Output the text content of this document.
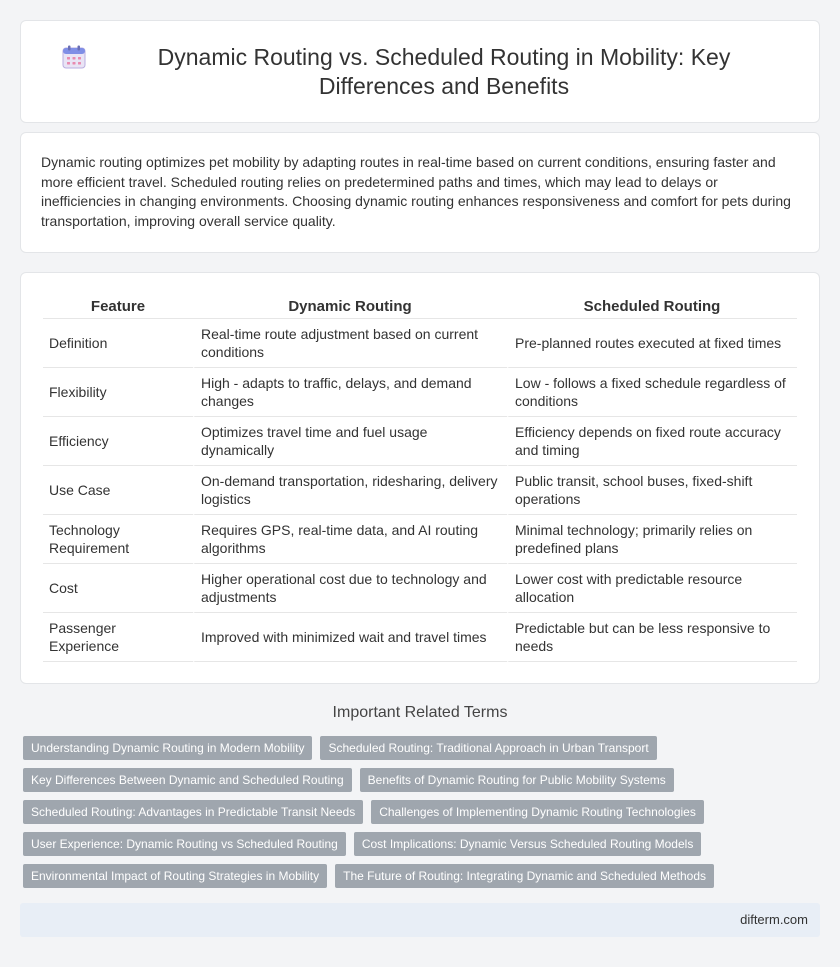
Dynamic Routing vs. Scheduled Routing in Mobility: Key Differences and Benefits

Dynamic routing optimizes pet mobility by adapting routes in real-time based on current conditions, ensuring faster and more efficient travel. Scheduled routing relies on predetermined paths and times, which may lead to delays or inefficiencies in changing environments. Choosing dynamic routing enhances responsiveness and comfort for pets during transportation, improving overall service quality.

Feature	Dynamic Routing	Scheduled Routing
Definition	Real-time route adjustment based on current conditions	Pre-planned routes executed at fixed times
Flexibility	High - adapts to traffic, delays, and demand changes	Low - follows a fixed schedule regardless of conditions
Efficiency	Optimizes travel time and fuel usage dynamically	Efficiency depends on fixed route accuracy and timing
Use Case	On-demand transportation, ridesharing, delivery logistics	Public transit, school buses, fixed-shift operations
Technology Requirement	Requires GPS, real-time data, and AI routing algorithms	Minimal technology; primarily relies on predefined plans
Cost	Higher operational cost due to technology and adjustments	Lower cost with predictable resource allocation
Passenger Experience	Improved with minimized wait and travel times	Predictable but can be less responsive to needs
Important Related Terms
Understanding Dynamic Routing in Modern Mobility	Scheduled Routing: Traditional Approach in Urban Transport
Key Differences Between Dynamic and Scheduled Routing	Benefits of Dynamic Routing for Public Mobility Systems
Scheduled Routing: Advantages in Predictable Transit Needs	Challenges of Implementing Dynamic Routing Technologies
User Experience: Dynamic Routing vs Scheduled Routing	Cost Implications: Dynamic Versus Scheduled Routing Models
Environmental Impact of Routing Strategies in Mobility	The Future of Routing: Integrating Dynamic and Scheduled Methods
difterm.com
